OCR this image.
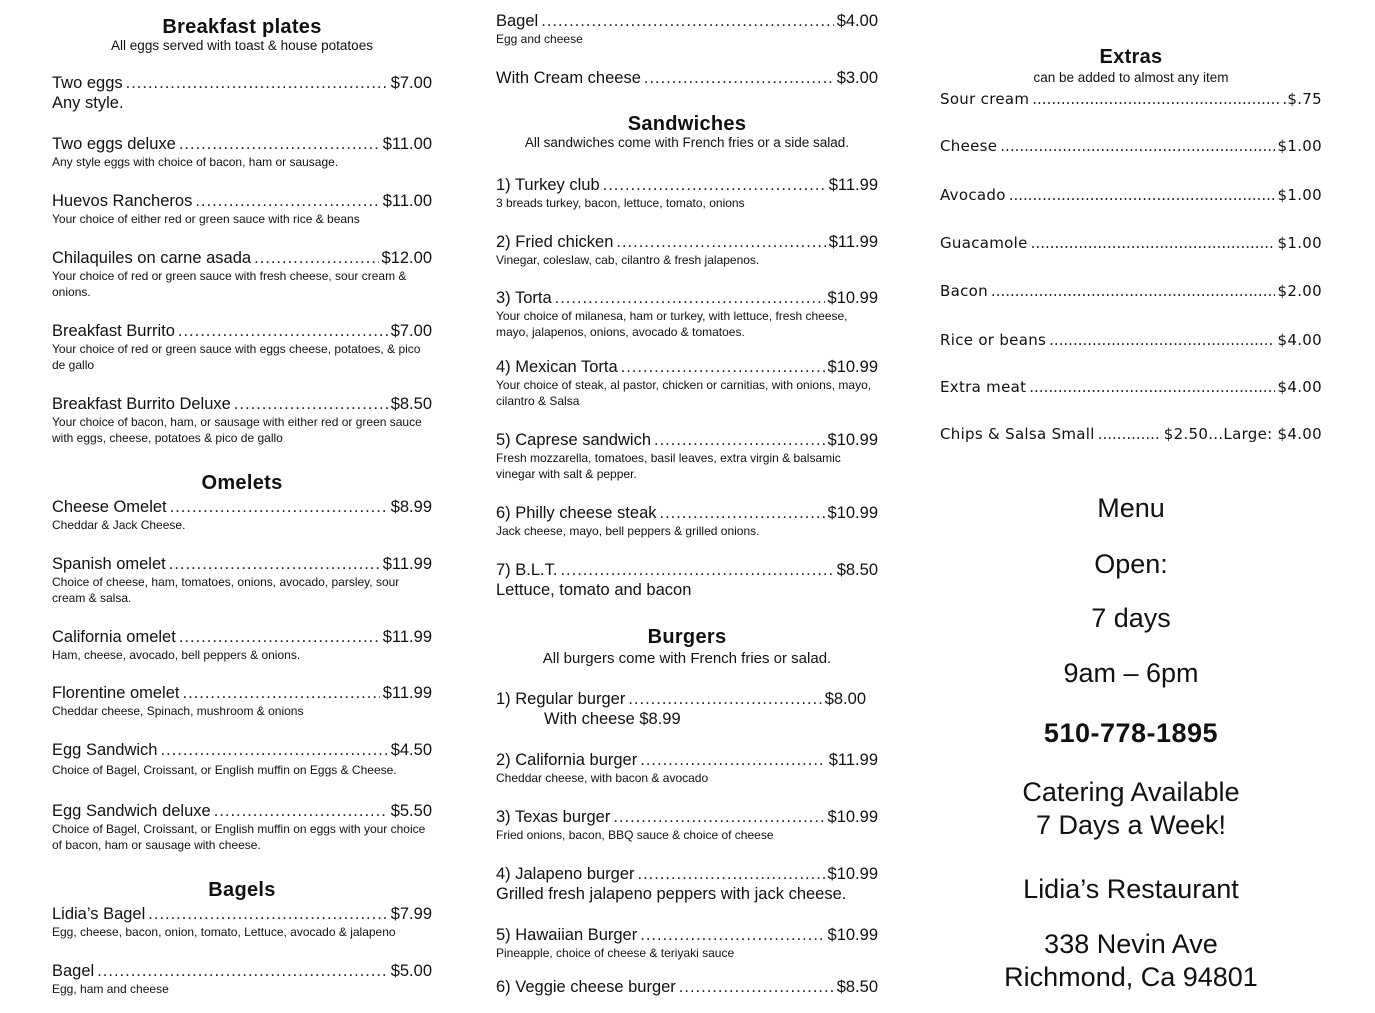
Breakfast plates
All eggs served with toast & house potatoes
Two eggs .....	$7.00
Any style.
Two eggs deluxe .....	$11.00
Any style eggs with choice of bacon, ham or sausage.
Huevos Rancheros .....	$11.00
Your choice of either red or green sauce with rice & beans
Chilaquiles on carne asada .....	$12.00
Your choice of red or green sauce with fresh cheese, sour cream & onions.
Breakfast Burrito .....	$7.00
Your choice of red or green sauce with eggs cheese, potatoes, & pico de gallo
Breakfast Burrito Deluxe .....	$8.50
Your choice of bacon, ham, or sausage with either red or green sauce with eggs, cheese, potatoes & pico de gallo
Omelets
Cheese Omelet .....	$8.99
Cheddar & Jack Cheese.
Spanish omelet .....	$11.99
Choice of cheese, ham, tomatoes, onions, avocado, parsley, sour cream & salsa.
California omelet .....	$11.99
Ham, cheese, avocado, bell peppers & onions.
Florentine omelet .....	$11.99
Cheddar cheese, Spinach, mushroom & onions
Egg Sandwich .....	$4.50
Choice of Bagel, Croissant, or English muffin on Eggs & Cheese.
Egg Sandwich deluxe .....	$5.50
Choice of Bagel, Croissant, or English muffin on eggs with your choice of bacon, ham or sausage with cheese.
Bagels
Lidia’s Bagel .....	$7.99
Egg, cheese, bacon, onion, tomato, Lettuce, avocado & jalapeno
Bagel .....	$5.00
Egg, ham and cheese
Bagel .....	$4.00
Egg and cheese
With Cream cheese .....	$3.00
Sandwiches
All sandwiches come with French fries or a side salad.
1) Turkey club .....	$11.99
3 breads turkey, bacon, lettuce, tomato, onions
2) Fried chicken .....	$11.99
Vinegar, coleslaw, cab, cilantro & fresh jalapenos.
3) Torta .....	$10.99
Your choice of milanesa, ham or turkey, with lettuce, fresh cheese, mayo, jalapenos, onions, avocado & tomatoes.
4) Mexican Torta .....	$10.99
Your choice of steak, al pastor, chicken or carnitias, with onions, mayo, cilantro & Salsa
5) Caprese sandwich .....	$10.99
Fresh mozzarella, tomatoes, basil leaves, extra virgin & balsamic vinegar with salt & pepper.
6) Philly cheese steak .....	$10.99
Jack cheese, mayo, bell peppers & grilled onions.
7) B.L.T. .....	$8.50
Lettuce, tomato and bacon
Burgers
All burgers come with French fries or salad.
1) Regular burger .....	$8.00
With cheese $8.99
2) California burger .....	$11.99
Cheddar cheese, with bacon & avocado
3) Texas burger .....	$10.99
Fried onions, bacon, BBQ sauce & choice of cheese
4) Jalapeno burger .....	$10.99
Grilled fresh jalapeno peppers with jack cheese.
5) Hawaiian Burger .....	$10.99
Pineapple, choice of cheese & teriyaki sauce
6) Veggie cheese burger .....	$8.50
Extras
can be added to almost any item
Sour cream .....	.$.75
Cheese .....	$1.00
Avocado .....	$1.00
Guacamole .....	$1.00
Bacon .....	$2.00
Rice or beans .....	$4.00
Extra meat .....	$4.00
Chips & Salsa Small .....	$2.50...Large: $4.00
Menu
Open:
7 days
9am – 6pm
510-778-1895
Catering Available
7 Days a Week!
Lidia’s Restaurant
338 Nevin Ave
Richmond, Ca 94801
